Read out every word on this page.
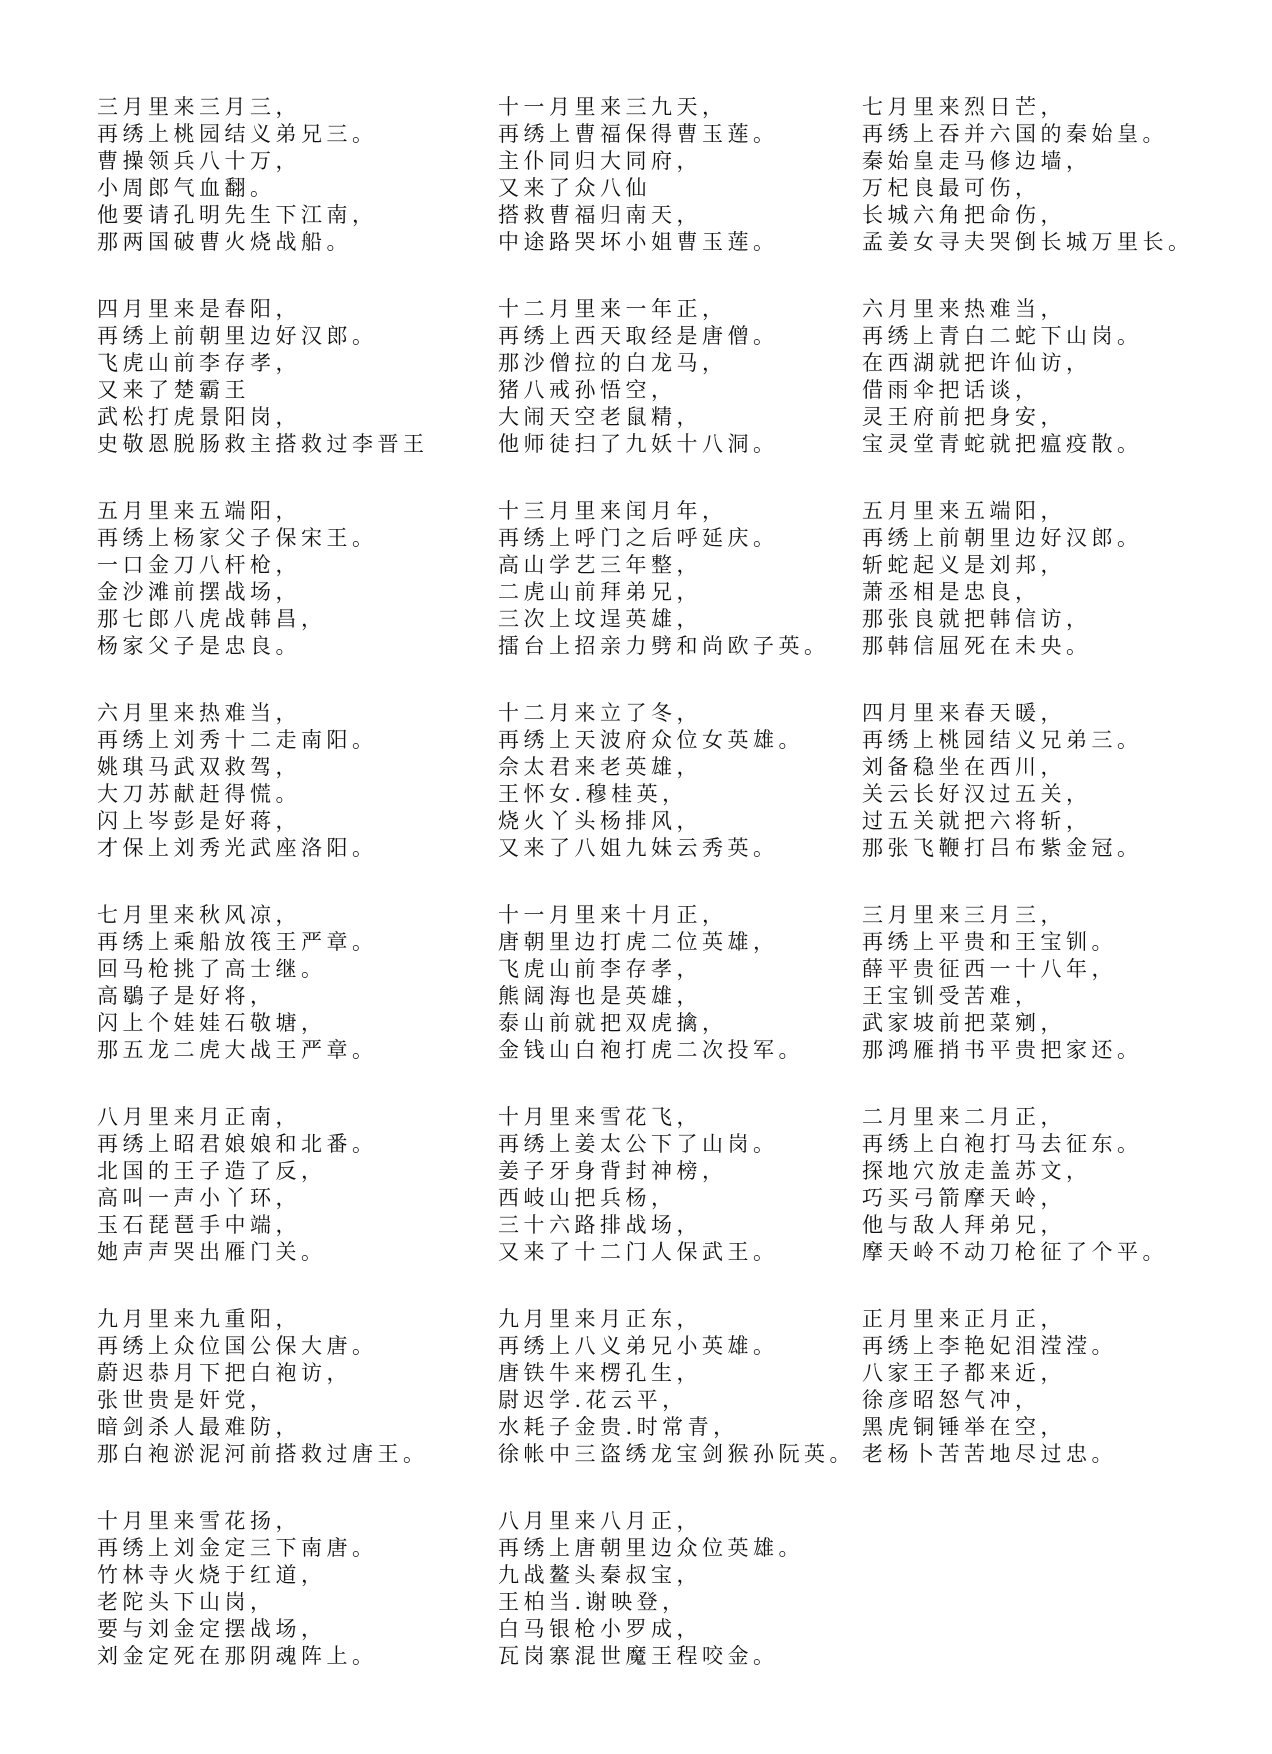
三月里来三月三，
再绣上桃园结义弟兄三。
曹操领兵八十万，
小周郎气血翻。
他要请孔明先生下江南，
那两国破曹火烧战船。
四月里来是春阳，
再绣上前朝里边好汉郎。
飞虎山前李存孝，
又来了楚霸王
武松打虎景阳岗，
史敬恩脱肠救主搭救过李晋王
五月里来五端阳，
再绣上杨家父子保宋王。
一口金刀八杆枪，
金沙滩前摆战场，
那七郎八虎战韩昌，
杨家父子是忠良。
六月里来热难当，
再绣上刘秀十二走南阳。
姚琪马武双救驾，
大刀苏献赶得慌。
闪上岑彭是好蒋，
才保上刘秀光武座洛阳。
七月里来秋风凉，
再绣上乘船放筏王严章。
回马枪挑了高士继。
高鶡子是好将，
闪上个娃娃石敬塘，
那五龙二虎大战王严章。
八月里来月正南，
再绣上昭君娘娘和北番。
北国的王子造了反，
高叫一声小丫环，
玉石琵琶手中端，
她声声哭出雁门关。
九月里来九重阳，
再绣上众位国公保大唐。
蔚迟恭月下把白袍访，
张世贵是奸党，
暗剑杀人最难防，
那白袍淤泥河前搭救过唐王。
十月里来雪花扬，
再绣上刘金定三下南唐。
竹林寺火烧于红道，
老陀头下山岗，
要与刘金定摆战场，
刘金定死在那阴魂阵上。
十一月里来三九天，
再绣上曹福保得曹玉莲。
主仆同归大同府，
又来了众八仙
搭救曹福归南天，
中途路哭坏小姐曹玉莲。
十二月里来一年正，
再绣上西天取经是唐僧。
那沙僧拉的白龙马，
猪八戒孙悟空，
大闹天空老鼠精，
他师徒扫了九妖十八洞。
十三月里来闰月年，
再绣上呼门之后呼延庆。
高山学艺三年整，
二虎山前拜弟兄，
三次上坟逞英雄，
擂台上招亲力劈和尚欧子英。
十二月来立了冬，
再绣上天波府众位女英雄。
佘太君来老英雄，
王怀女.穆桂英，
烧火丫头杨排风，
又来了八姐九妹云秀英。
十一月里来十月正，
唐朝里边打虎二位英雄，
飞虎山前李存孝，
熊阔海也是英雄，
泰山前就把双虎擒，
金钱山白袍打虎二次投军。
十月里来雪花飞，
再绣上姜太公下了山岗。
姜子牙身背封神榜，
西岐山把兵杨，
三十六路排战场，
又来了十二门人保武王。
九月里来月正东，
再绣上八义弟兄小英雄。
唐铁牛来楞孔生，
尉迟学.花云平，
水耗子金贵.时常青，
徐帐中三盗绣龙宝剑猴孙阮英。
八月里来八月正，
再绣上唐朝里边众位英雄。
九战鳌头秦叔宝，
王柏当.谢映登，
白马银枪小罗成，
瓦岗寨混世魔王程咬金。
七月里来烈日芒，
再绣上吞并六国的秦始皇。
秦始皇走马修边墙，
万杞良最可伤，
长城六角把命伤，
孟姜女寻夫哭倒长城万里长。
六月里来热难当，
再绣上青白二蛇下山岗。
在西湖就把许仙访，
借雨伞把话谈，
灵王府前把身安，
宝灵堂青蛇就把瘟疫散。
五月里来五端阳，
再绣上前朝里边好汉郎。
斩蛇起义是刘邦，
萧丞相是忠良，
那张良就把韩信访，
那韩信屈死在未央。
四月里来春天暖，
再绣上桃园结义兄弟三。
刘备稳坐在西川，
关云长好汉过五关，
过五关就把六将斩，
那张飞鞭打吕布紫金冠。
三月里来三月三，
再绣上平贵和王宝钏。
薛平贵征西一十八年，
王宝钏受苦难，
武家坡前把菜剜，
那鸿雁捎书平贵把家还。
二月里来二月正，
再绣上白袍打马去征东。
探地穴放走盖苏文，
巧买弓箭摩天岭，
他与敌人拜弟兄，
摩天岭不动刀枪征了个平。
正月里来正月正，
再绣上李艳妃泪滢滢。
八家王子都来近，
徐彦昭怒气冲，
黑虎铜锤举在空，
老杨卜苦苦地尽过忠。
